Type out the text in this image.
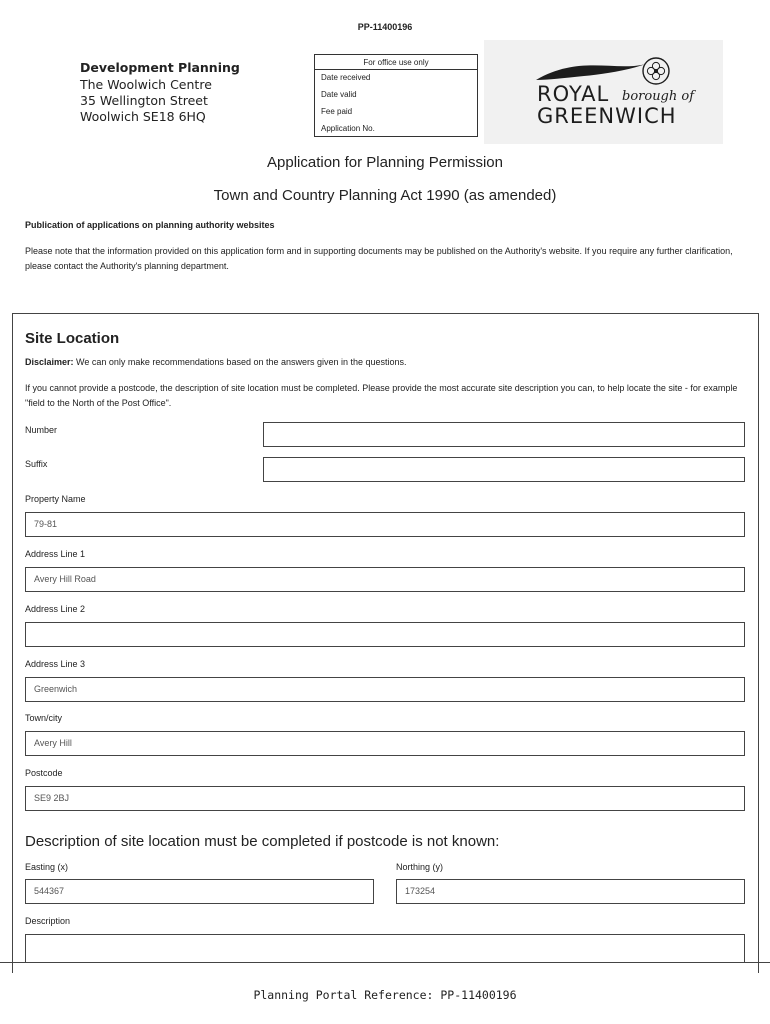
PP-11400196
Development Planning
The Woolwich Centre
35 Wellington Street
Woolwich SE18 6HQ
For office use only
Date received
Date valid
Fee paid
Application No.
ROYAL borough of
GREENWICH
Application for Planning Permission
Town and Country Planning Act 1990 (as amended)
Publication of applications on planning authority websites
Please note that the information provided on this application form and in supporting documents may be published on the Authority's website. If you require any further clarification, please contact the Authority's planning department.
Site Location
Disclaimer: We can only make recommendations based on the answers given in the questions.
If you cannot provide a postcode, the description of site location must be completed. Please provide the most accurate site description you can, to help locate the site - for example "field to the North of the Post Office".
Number
Suffix
Property Name
79-81
Address Line 1
Avery Hill Road
Address Line 2
Address Line 3
Greenwich
Town/city
Avery Hill
Postcode
SE9 2BJ
Description of site location must be completed if postcode is not known:
Easting (x)
544367
Northing (y)
173254
Description
Planning Portal Reference: PP-11400196
